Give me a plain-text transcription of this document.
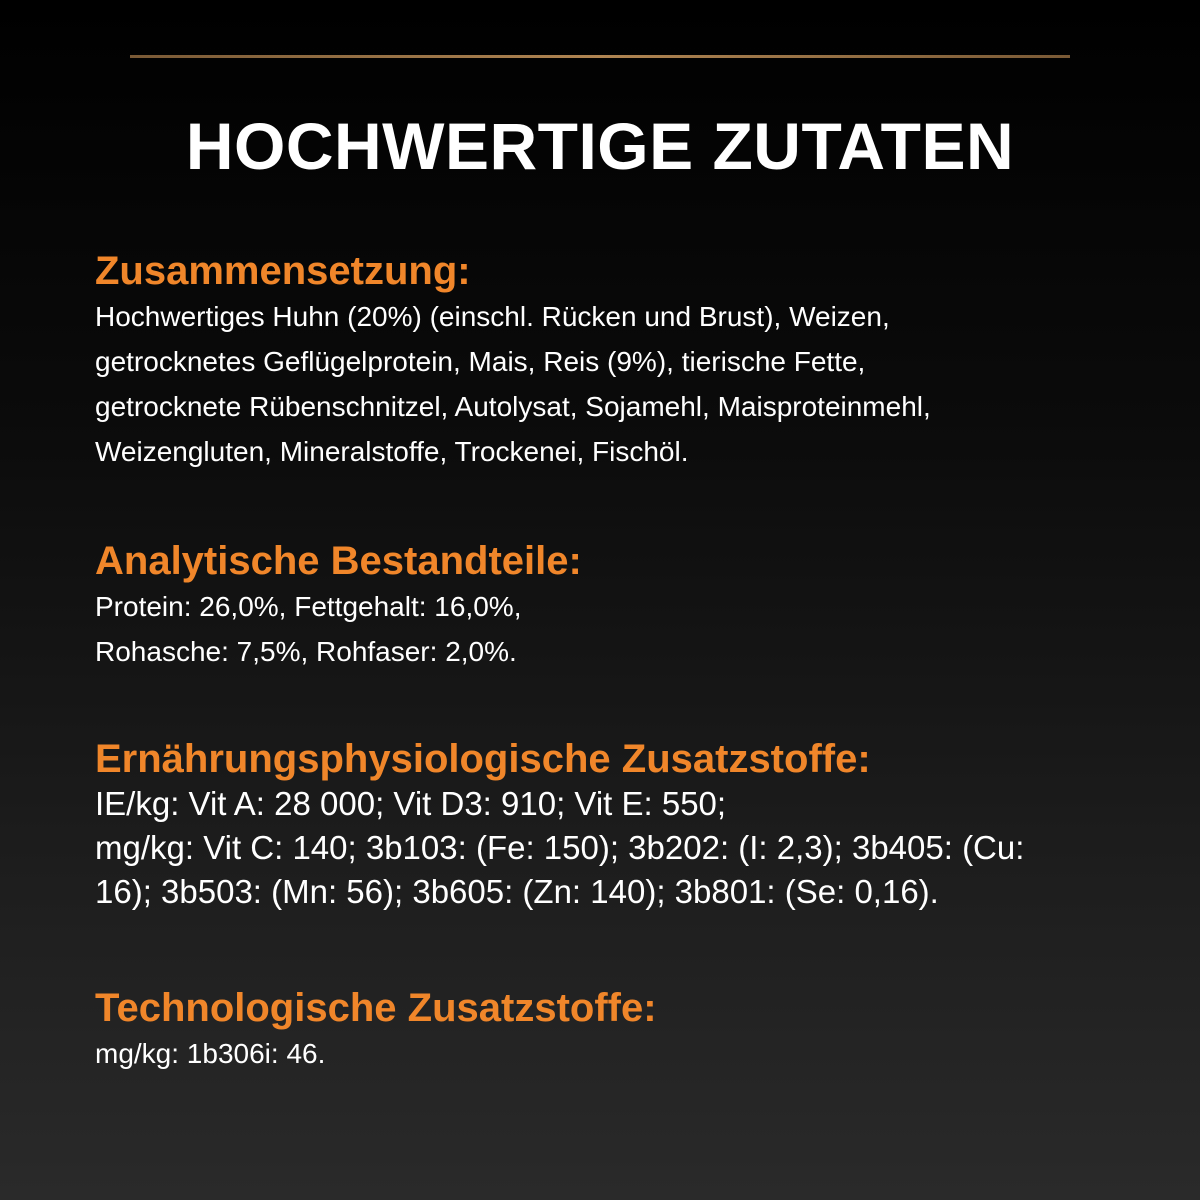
HOCHWERTIGE ZUTATEN
Zusammensetzung:

Hochwertiges Huhn (20%) (einschl. Rücken und Brust), Weizen,
getrocknetes Geflügelprotein, Mais, Reis (9%), tierische Fette,
getrocknete Rübenschnitzel, Autolysat, Sojamehl, Maisproteinmehl,
Weizengluten, Mineralstoffe, Trockenei, Fischöl.

Analytische Bestandteile:

Protein: 26,0%, Fettgehalt: 16,0%,
Rohasche: 7,5%, Rohfaser: 2,0%.

Ernährungsphysiologische Zusatzstoffe:

IE/kg: Vit A: 28 000; Vit D3: 910; Vit E: 550;
mg/kg: Vit C: 140; 3b103: (Fe: 150); 3b202: (I: 2,3); 3b405: (Cu:
16); 3b503: (Mn: 56); 3b605: (Zn: 140); 3b801: (Se: 0,16).

Technologische Zusatzstoffe:

mg/kg: 1b306i: 46.
